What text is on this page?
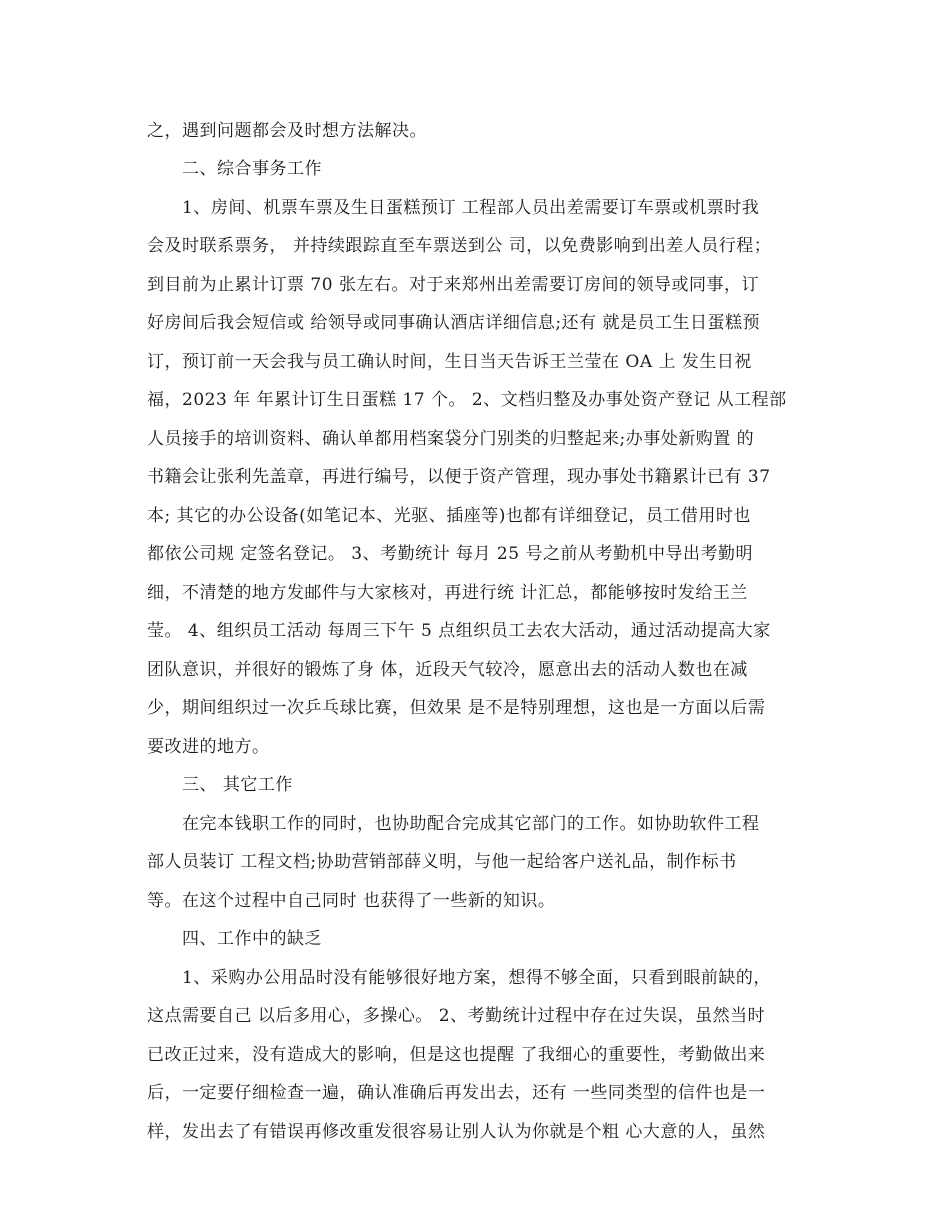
之，遇到问题都会及时想方法解决。
二、综合事务工作
1、房间、机票车票及生日蛋糕预订 工程部人员出差需要订车票或机票时我
会及时联系票务， 并持续跟踪直至车票送到公 司，以免费影响到出差人员行程；
到目前为止累计订票 70 张左右。对于来郑州出差需要订房间的领导或同事，订
好房间后我会短信或 给领导或同事确认酒店详细信息;还有 就是员工生日蛋糕预
订，预订前一天会我与员工确认时间，生日当天告诉王兰莹在 OA 上 发生日祝
福，2023 年 年累计订生日蛋糕 17 个。 2、文档归整及办事处资产登记 从工程部
人员接手的培训资料、确认单都用档案袋分门别类的归整起来;办事处新购置 的
书籍会让张利先盖章，再进行编号，以便于资产管理，现办事处书籍累计已有 37
本; 其它的办公设备(如笔记本、光驱、插座等)也都有详细登记，员工借用时也
都依公司规 定签名登记。 3、考勤统计 每月 25 号之前从考勤机中导出考勤明
细，不清楚的地方发邮件与大家核对，再进行统 计汇总，都能够按时发给王兰
莹。 4、组织员工活动 每周三下午 5 点组织员工去农大活动，通过活动提高大家
团队意识，并很好的锻炼了身 体，近段天气较冷，愿意出去的活动人数也在减
少，期间组织过一次乒乓球比赛，但效果 是不是特别理想，这也是一方面以后需
要改进的地方。
三、 其它工作
在完本钱职工作的同时，也协助配合完成其它部门的工作。如协助软件工程
部人员装订 工程文档;协助营销部薛义明，与他一起给客户送礼品，制作标书
等。在这个过程中自己同时 也获得了一些新的知识。
四、工作中的缺乏
1、采购办公用品时没有能够很好地方案，想得不够全面，只看到眼前缺的，
这点需要自己 以后多用心，多操心。 2、考勤统计过程中存在过失误，虽然当时
已改正过来，没有造成大的影响，但是这也提醒 了我细心的重要性，考勤做出来
后，一定要仔细检查一遍，确认准确后再发出去，还有 一些同类型的信件也是一
样，发出去了有错误再修改重发很容易让别人认为你就是个粗 心大意的人，虽然
